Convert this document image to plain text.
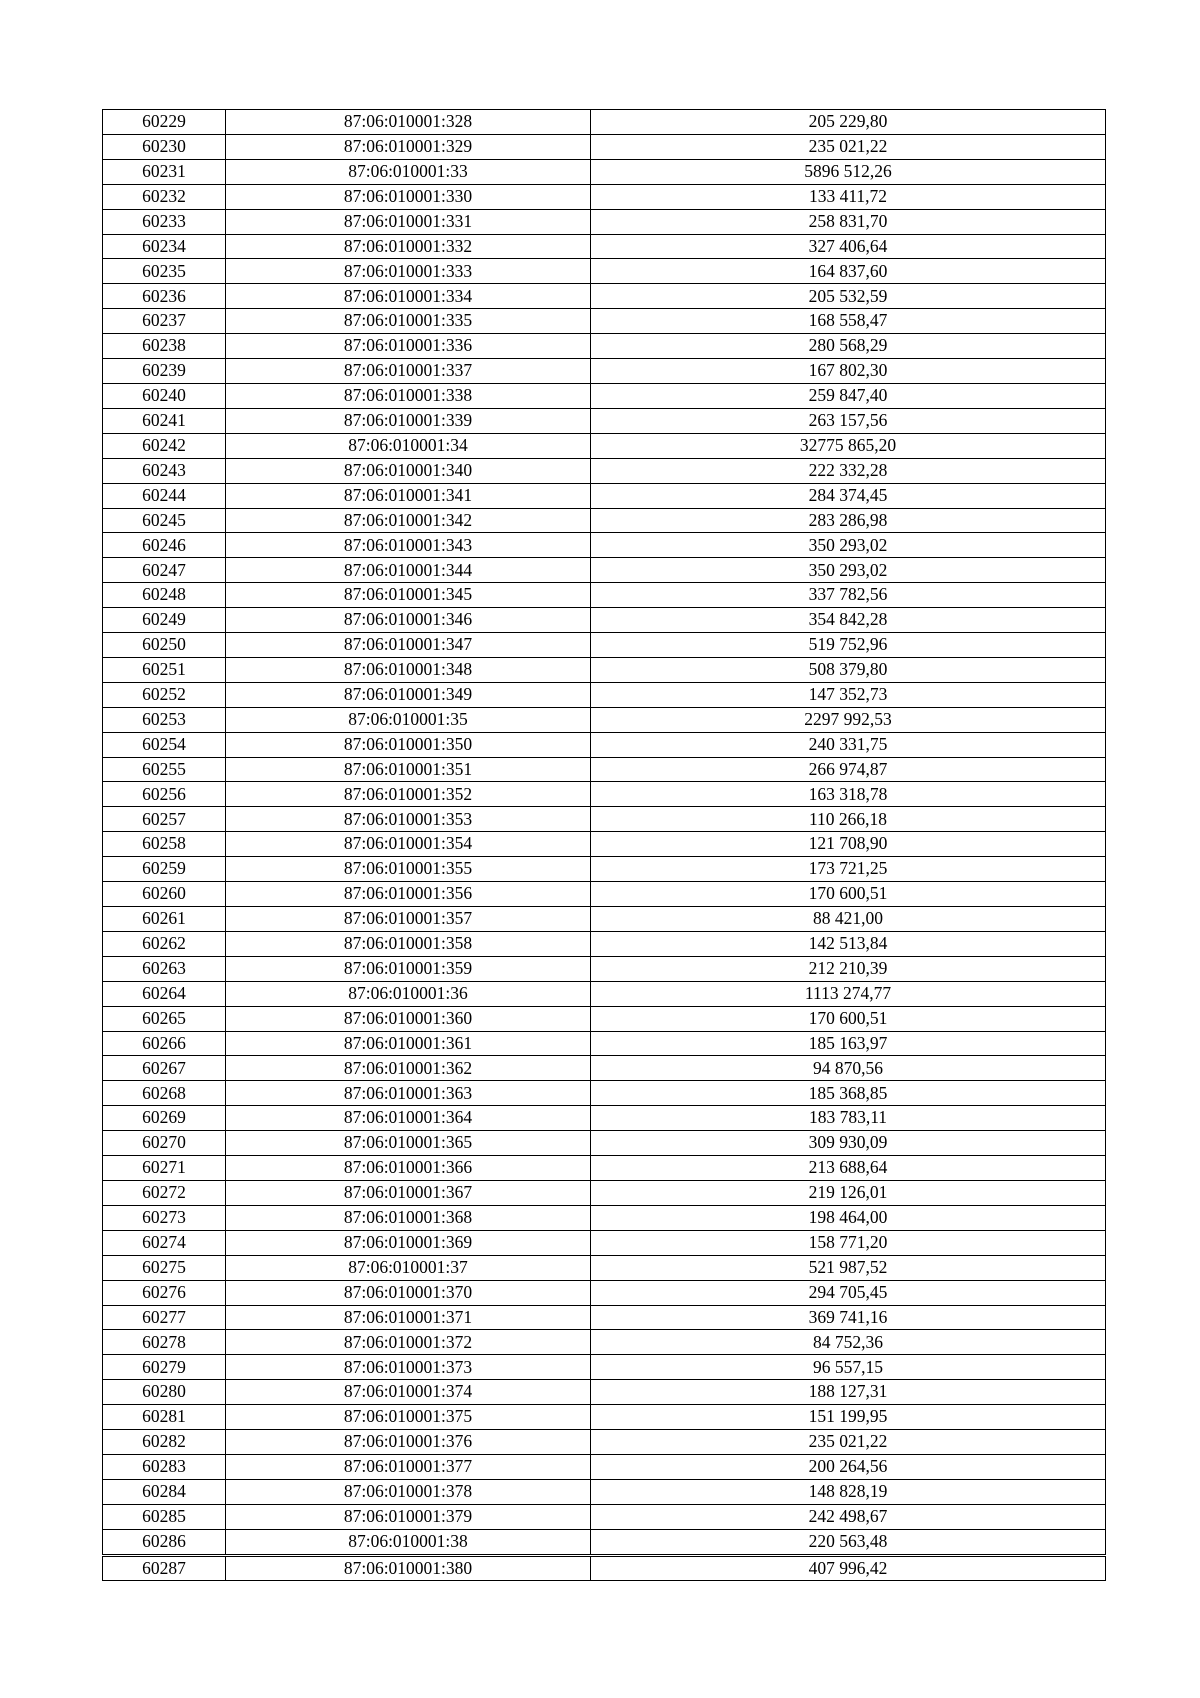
60229	87:06:010001:328	205 229,80
60230	87:06:010001:329	235 021,22
60231	87:06:010001:33	5896 512,26
60232	87:06:010001:330	133 411,72
60233	87:06:010001:331	258 831,70
60234	87:06:010001:332	327 406,64
60235	87:06:010001:333	164 837,60
60236	87:06:010001:334	205 532,59
60237	87:06:010001:335	168 558,47
60238	87:06:010001:336	280 568,29
60239	87:06:010001:337	167 802,30
60240	87:06:010001:338	259 847,40
60241	87:06:010001:339	263 157,56
60242	87:06:010001:34	32775 865,20
60243	87:06:010001:340	222 332,28
60244	87:06:010001:341	284 374,45
60245	87:06:010001:342	283 286,98
60246	87:06:010001:343	350 293,02
60247	87:06:010001:344	350 293,02
60248	87:06:010001:345	337 782,56
60249	87:06:010001:346	354 842,28
60250	87:06:010001:347	519 752,96
60251	87:06:010001:348	508 379,80
60252	87:06:010001:349	147 352,73
60253	87:06:010001:35	2297 992,53
60254	87:06:010001:350	240 331,75
60255	87:06:010001:351	266 974,87
60256	87:06:010001:352	163 318,78
60257	87:06:010001:353	110 266,18
60258	87:06:010001:354	121 708,90
60259	87:06:010001:355	173 721,25
60260	87:06:010001:356	170 600,51
60261	87:06:010001:357	88 421,00
60262	87:06:010001:358	142 513,84
60263	87:06:010001:359	212 210,39
60264	87:06:010001:36	1113 274,77
60265	87:06:010001:360	170 600,51
60266	87:06:010001:361	185 163,97
60267	87:06:010001:362	94 870,56
60268	87:06:010001:363	185 368,85
60269	87:06:010001:364	183 783,11
60270	87:06:010001:365	309 930,09
60271	87:06:010001:366	213 688,64
60272	87:06:010001:367	219 126,01
60273	87:06:010001:368	198 464,00
60274	87:06:010001:369	158 771,20
60275	87:06:010001:37	521 987,52
60276	87:06:010001:370	294 705,45
60277	87:06:010001:371	369 741,16
60278	87:06:010001:372	84 752,36
60279	87:06:010001:373	96 557,15
60280	87:06:010001:374	188 127,31
60281	87:06:010001:375	151 199,95
60282	87:06:010001:376	235 021,22
60283	87:06:010001:377	200 264,56
60284	87:06:010001:378	148 828,19
60285	87:06:010001:379	242 498,67
60286	87:06:010001:38	220 563,48
60287	87:06:010001:380	407 996,42
